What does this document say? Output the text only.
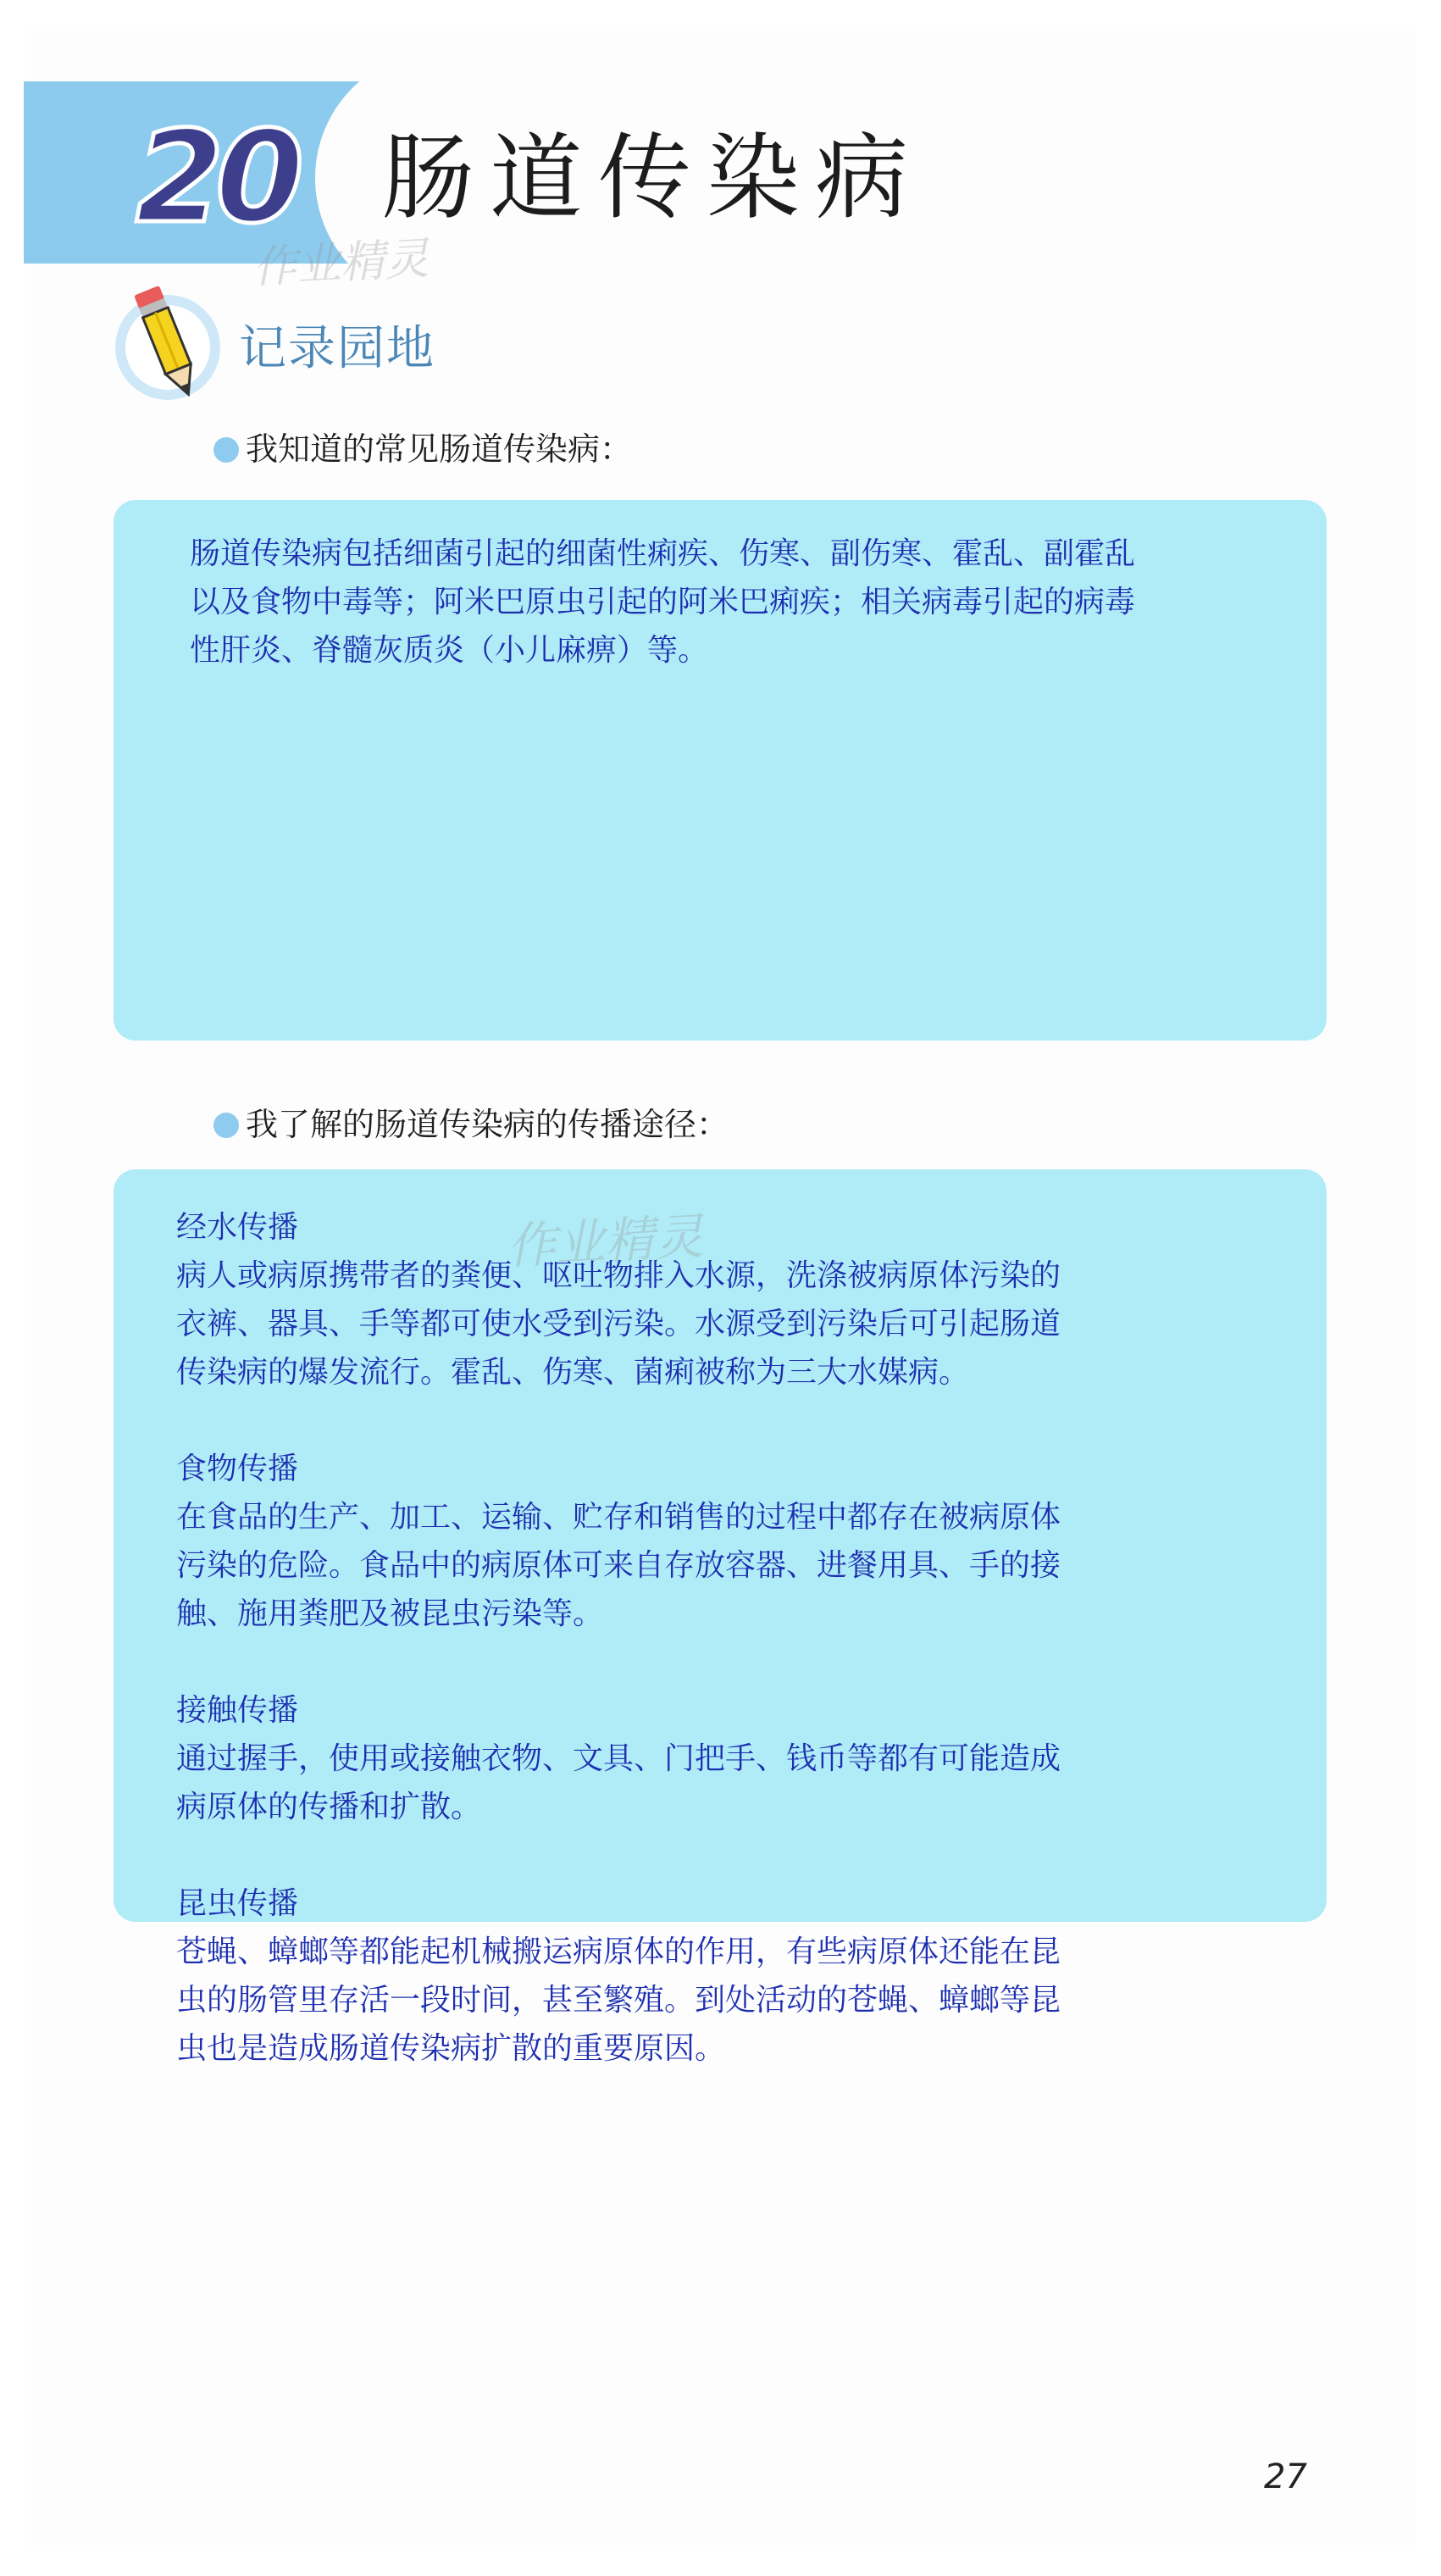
20 肠道传染病
作业精灵
记录园地
我知道的常见肠道传染病：
肠道传染病包括细菌引起的细菌性痢疾、伤寒、副伤寒、霍乱、副霍乱
以及食物中毒等；阿米巴原虫引起的阿米巴痢疾；相关病毒引起的病毒
性肝炎、脊髓灰质炎（小儿麻痹）等。
我了解的肠道传染病的传播途径：
作业精灵
经水传播
病人或病原携带者的粪便、呕吐物排入水源，洗涤被病原体污染的
衣裤、器具、手等都可使水受到污染。水源受到污染后可引起肠道
传染病的爆发流行。霍乱、伤寒、菌痢被称为三大水媒病。
食物传播
在食品的生产、加工、运输、贮存和销售的过程中都存在被病原体
污染的危险。食品中的病原体可来自存放容器、进餐用具、手的接
触、施用粪肥及被昆虫污染等。
接触传播
通过握手，使用或接触衣物、文具、门把手、钱币等都有可能造成
病原体的传播和扩散。
昆虫传播
苍蝇、蟑螂等都能起机械搬运病原体的作用，有些病原体还能在昆
虫的肠管里存活一段时间，甚至繁殖。到处活动的苍蝇、蟑螂等昆
虫也是造成肠道传染病扩散的重要原因。
27
